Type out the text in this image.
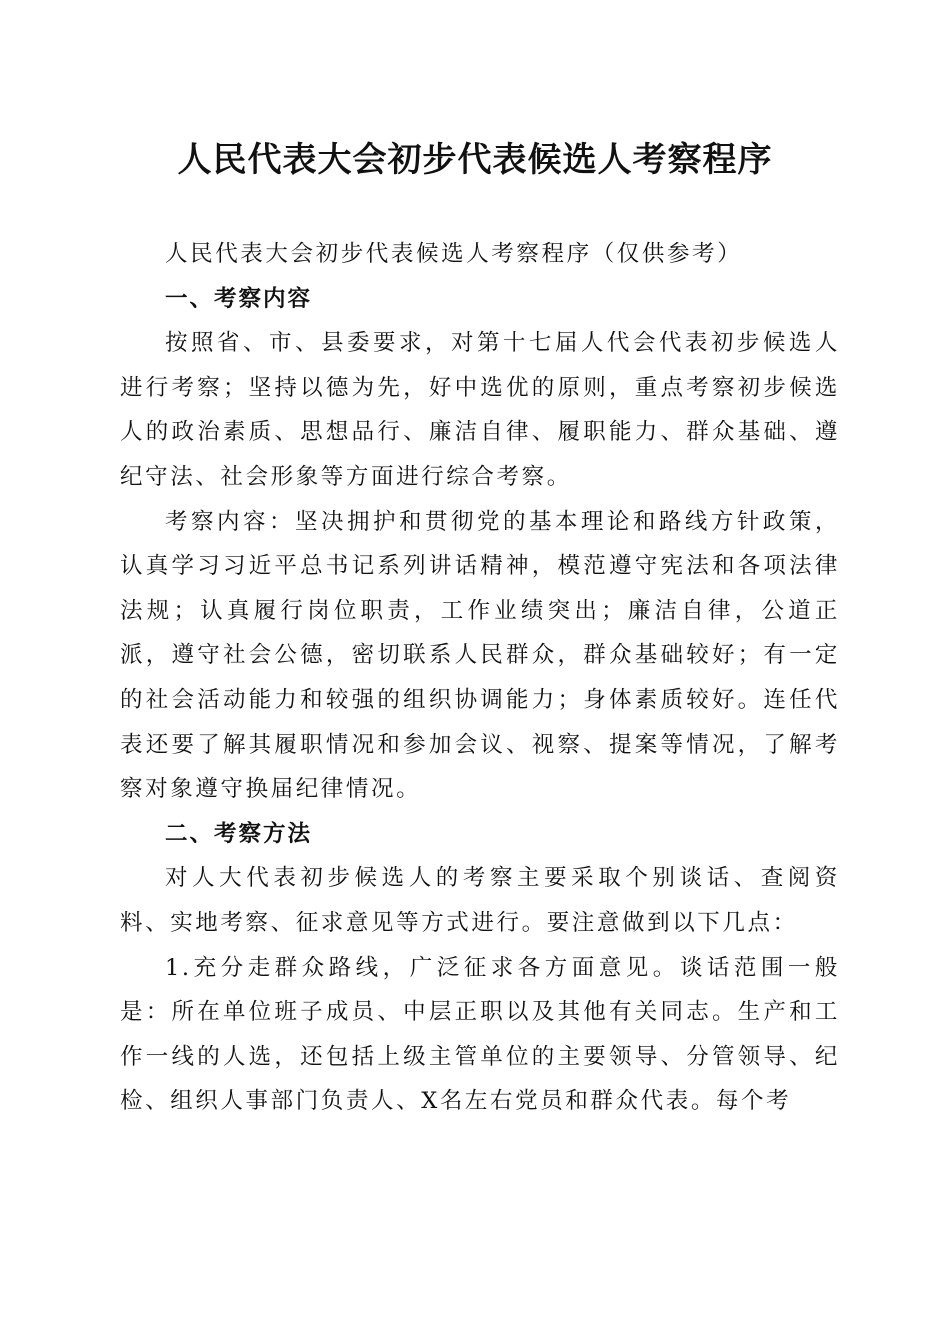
人民代表大会初步代表候选人考察程序

人民代表大会初步代表候选人考察程序（仅供参考）

一、考察内容

按照省、市、县委要求，对第十七届人代会代表初步候选人进行考察；坚持以德为先，好中选优的原则，重点考察初步候选人的政治素质、思想品行、廉洁自律、履职能力、群众基础、遵纪守法、社会形象等方面进行综合考察。

考察内容：坚决拥护和贯彻党的基本理论和路线方针政策，认真学习习近平总书记系列讲话精神，模范遵守宪法和各项法律法规；认真履行岗位职责，工作业绩突出；廉洁自律，公道正派，遵守社会公德，密切联系人民群众，群众基础较好；有一定的社会活动能力和较强的组织协调能力；身体素质较好。连任代表还要了解其履职情况和参加会议、视察、提案等情况，了解考察对象遵守换届纪律情况。

二、考察方法

对人大代表初步候选人的考察主要采取个别谈话、查阅资料、实地考察、征求意见等方式进行。要注意做到以下几点：

1.充分走群众路线，广泛征求各方面意见。谈话范围一般是：所在单位班子成员、中层正职以及其他有关同志。生产和工作一线的人选，还包括上级主管单位的主要领导、分管领导、纪检、组织人事部门负责人、X名左右党员和群众代表。每个考
